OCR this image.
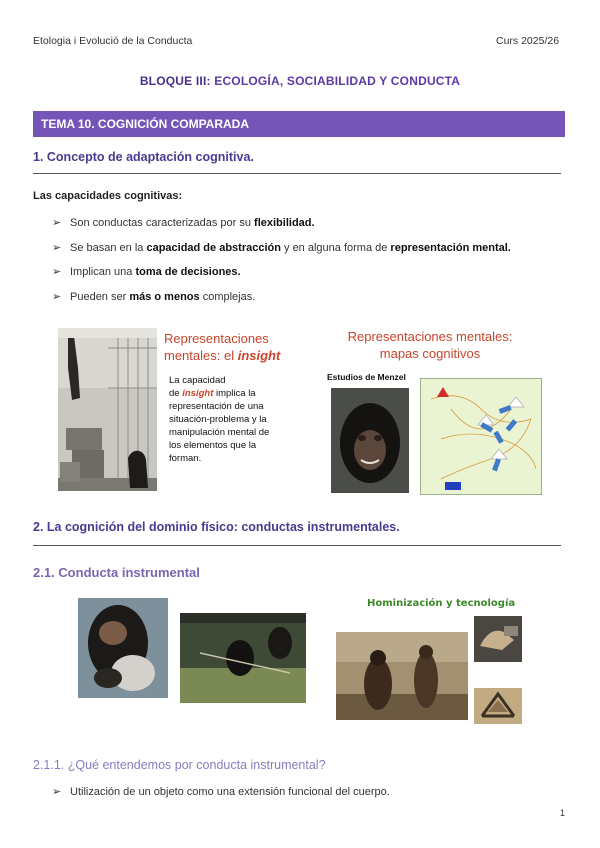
Etologia i Evolució de la Conducta	Curs 2025/26
BLOQUE III: ECOLOGÍA, SOCIABILIDAD Y CONDUCTA
TEMA 10. COGNICIÓN COMPARADA
1. Concepto de adaptación cognitiva.
Las capacidades cognitivas:
➢ Son conductas caracterizadas por su flexibilidad.
➢ Se basan en la capacidad de abstracción y en alguna forma de representación mental.
➢ Implican una toma de decisiones.
➢ Pueden ser más o menos complejas.
Representaciones
mentales: el insight
La capacidad
de insight implica la
representación de una
situación-problema y la
manipulación mental de
los elementos que la
forman.
Representaciones mentales:
mapas cognitivos
Estudios de Menzel
2. La cognición del dominio físico: conductas instrumentales.
2.1. Conducta instrumental
Hominización y tecnología
2.1.1. ¿Qué entendemos por conducta instrumental?
➢ Utilización de un objeto como una extensión funcional del cuerpo.
1
